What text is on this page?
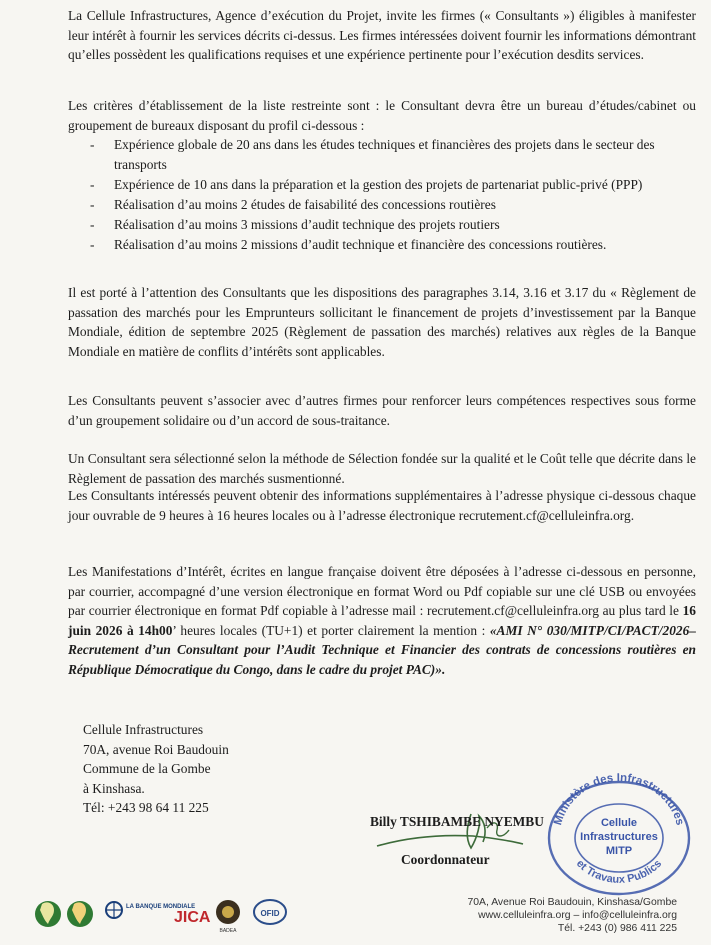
La Cellule Infrastructures, Agence d’exécution du Projet, invite les firmes (« Consultants ») éligibles à manifester leur intérêt à fournir les services décrits ci-dessus. Les firmes intéressées doivent fournir les informations démontrant qu’elles possèdent les qualifications requises et une expérience pertinente pour l’exécution desdits services.

Les critères d’établissement de la liste restreinte sont : le Consultant devra être un bureau d’études/cabinet ou groupement de bureaux disposant du profil ci-dessous :

- Expérience globale de 20 ans dans les études techniques et financières des projets dans le secteur des transports
- Expérience de 10 ans dans la préparation et la gestion des projets de partenariat public-privé (PPP)
- Réalisation d’au moins 2 études de faisabilité des concessions routières
- Réalisation d’au moins 3 missions d’audit technique des projets routiers
- Réalisation d’au moins 2 missions d’audit technique et financière des concessions routières.

Il est porté à l’attention des Consultants que les dispositions des paragraphes 3.14, 3.16 et 3.17 du « Règlement de passation des marchés pour les Emprunteurs sollicitant le financement de projets d’investissement par la Banque Mondiale, édition de septembre 2025 (Règlement de passation des marchés) relatives aux règles de la Banque Mondiale en matière de conflits d’intérêts sont applicables.

Les Consultants peuvent s’associer avec d’autres firmes pour renforcer leurs compétences respectives sous forme d’un groupement solidaire ou d’un accord de sous-traitance.

Un Consultant sera sélectionné selon la méthode de Sélection fondée sur la qualité et le Coût telle que décrite dans le Règlement de passation des marchés susmentionné.

Les Consultants intéressés peuvent obtenir des informations supplémentaires à l’adresse physique ci-dessous chaque jour ouvrable de 9 heures à 16 heures locales ou à l’adresse électronique recrutement.cf@celluleinfra.org.

Les Manifestations d’Intérêt, écrites en langue française doivent être déposées à l’adresse ci-dessous en personne, par courrier, accompagné d’une version électronique en format Word ou Pdf copiable sur une clé USB ou envoyées par courrier électronique en format Pdf copiable à l’adresse mail : recrutement.cf@celluleinfra.org au plus tard le 16 juin 2026 à 14h00’ heures locales (TU+1) et porter clairement la mention : «AMI N° 030/MITP/CI/PACT/2026–Recrutement d’un Consultant pour l’Audit Technique et Financier des contrats de concessions routières en République Démocratique du Congo, dans le cadre du projet PAC)».

Cellule Infrastructures
70A, avenue Roi Baudouin
Commune de la Gombe
à Kinshasa.
Tél: +243 98 64 11 225
Billy TSHIBAMBE NYEMBU
Coordonnateur
Ministère des Infrastructures
et Travaux Publics
Cellule
Infrastructures
MITP
LA BANQUE MONDIALE
JICA
BADEA
OFID
70A, Avenue Roi Baudouin, Kinshasa/Gombe
www.celluleinfra.org – info@celluleinfra.org
Tél. +243 (0) 986 411 225
